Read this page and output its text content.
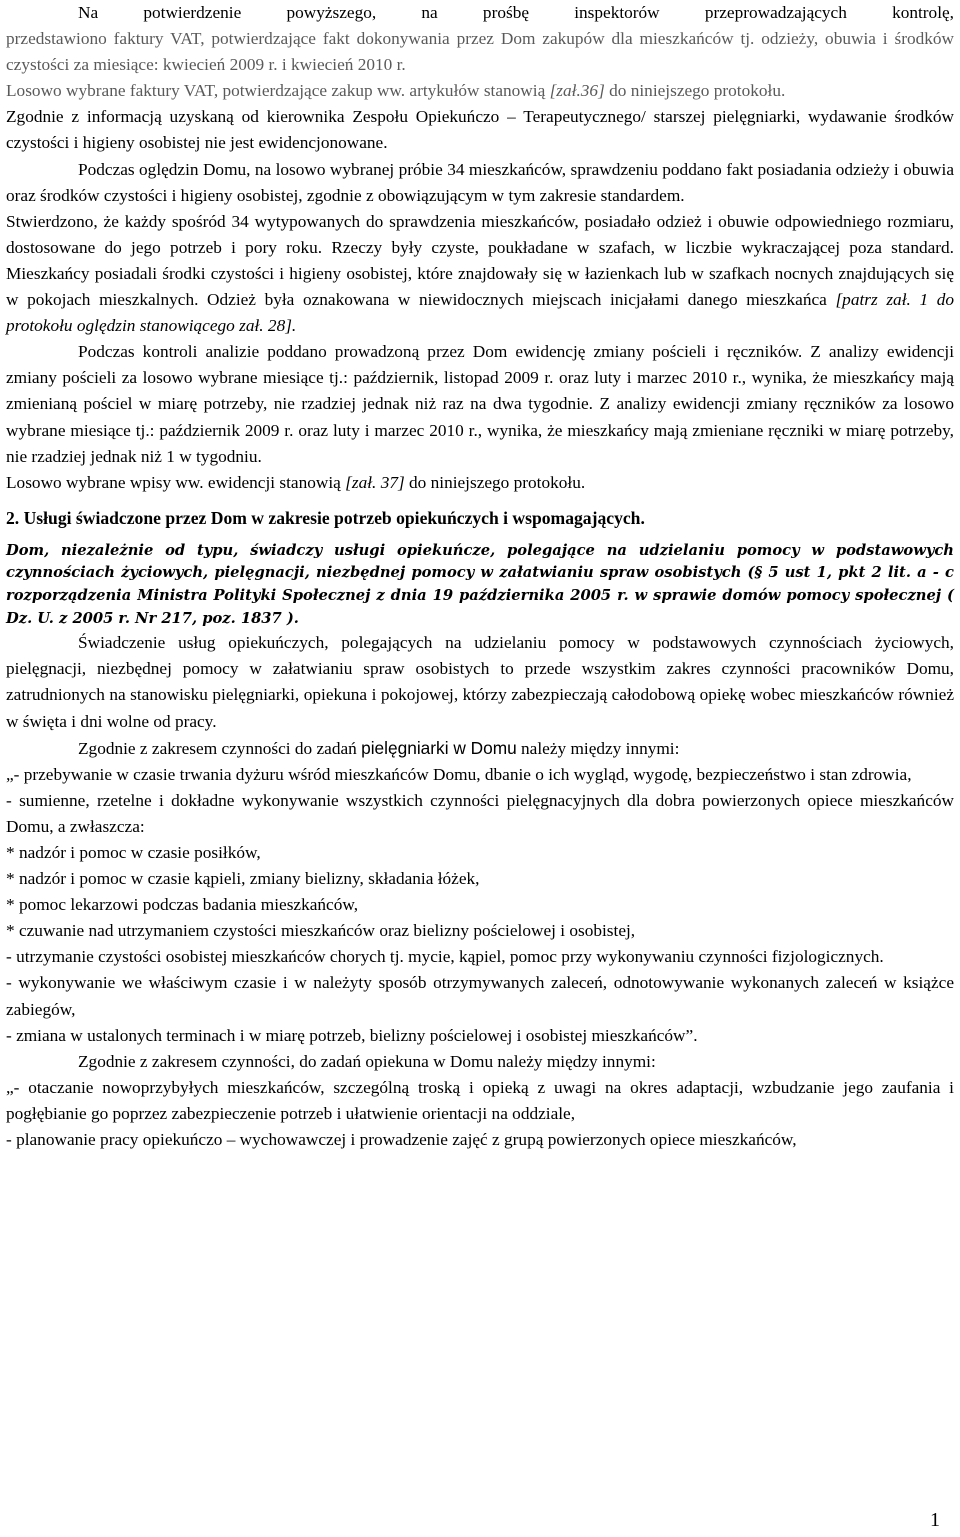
Na potwierdzenie powyższego, na prośbę inspektorów przeprowadzających kontrolę,

przedstawiono faktury VAT, potwierdzające fakt dokonywania przez Dom zakupów dla mieszkańców tj. odzieży, obuwia i środków czystości za miesiące: kwiecień 2009 r. i kwiecień 2010 r.

Losowo wybrane faktury VAT, potwierdzające zakup ww. artykułów stanowią [zał.36] do niniejszego protokołu.

Zgodnie z informacją uzyskaną od kierownika Zespołu Opiekuńczo – Terapeutycznego/ starszej pielęgniarki, wydawanie środków czystości i higieny osobistej nie jest ewidencjonowane.

Podczas oględzin Domu, na losowo wybranej próbie 34 mieszkańców, sprawdzeniu poddano fakt posiadania odzieży i obuwia oraz środków czystości i higieny osobistej, zgodnie z obowiązującym w tym zakresie standardem.

Stwierdzono, że każdy spośród 34 wytypowanych do sprawdzenia mieszkańców, posiadało odzież i obuwie odpowiedniego rozmiaru, dostosowane do jego potrzeb i pory roku. Rzeczy były czyste, poukładane w szafach, w liczbie wykraczającej poza standard. Mieszkańcy posiadali środki czystości i higieny osobistej, które znajdowały się w łazienkach lub w szafkach nocnych znajdujących się w pokojach mieszkalnych. Odzież była oznakowana w niewidocznych miejscach inicjałami danego mieszkańca [patrz zał. 1 do protokołu oględzin stanowiącego zał. 28].

Podczas kontroli analizie poddano prowadzoną przez Dom ewidencję zmiany pościeli i ręczników. Z analizy ewidencji zmiany pościeli za losowo wybrane miesiące tj.: październik, listopad 2009 r. oraz luty i marzec 2010 r., wynika, że mieszkańcy mają zmienianą pościel w miarę potrzeby, nie rzadziej jednak niż raz na dwa tygodnie. Z analizy ewidencji zmiany ręczników za losowo wybrane miesiące tj.: październik 2009 r. oraz luty i marzec 2010 r., wynika, że mieszkańcy mają zmieniane ręczniki w miarę potrzeby, nie rzadziej jednak niż 1 w tygodniu.

Losowo wybrane wpisy ww. ewidencji stanowią [zał. 37] do niniejszego protokołu.

2. Usługi świadczone przez Dom w zakresie potrzeb opiekuńczych i wspomagających.

Dom, niezależnie od typu, świadczy usługi opiekuńcze, polegające na udzielaniu pomocy w podstawowych czynnościach życiowych, pielęgnacji, niezbędnej pomocy w załatwianiu spraw osobistych (§ 5 ust 1, pkt 2 lit. a - c rozporządzenia Ministra Polityki Społecznej z dnia 19 października 2005 r. w sprawie domów pomocy społecznej ( Dz. U. z 2005 r. Nr 217, poz. 1837 ).

Świadczenie usług opiekuńczych, polegających na udzielaniu pomocy w podstawowych czynnościach życiowych, pielęgnacji, niezbędnej pomocy w załatwianiu spraw osobistych to przede wszystkim zakres czynności pracowników Domu, zatrudnionych na stanowisku pielęgniarki, opiekuna i pokojowej, którzy zabezpieczają całodobową opiekę wobec mieszkańców również w święta i dni wolne od pracy.

Zgodnie z zakresem czynności do zadań pielęgniarki w Domu należy między innymi:

„- przebywanie w czasie trwania dyżuru wśród mieszkańców Domu, dbanie o ich wygląd, wygodę, bezpieczeństwo i stan zdrowia,

- sumienne, rzetelne i dokładne wykonywanie wszystkich czynności pielęgnacyjnych dla dobra powierzonych opiece mieszkańców Domu, a zwłaszcza:

* nadzór i pomoc w czasie posiłków,

* nadzór i pomoc w czasie kąpieli, zmiany bielizny, składania łóżek,

* pomoc lekarzowi podczas badania mieszkańców,

* czuwanie nad utrzymaniem czystości mieszkańców oraz bielizny pościelowej i osobistej,

- utrzymanie czystości osobistej mieszkańców chorych tj. mycie, kąpiel, pomoc przy wykonywaniu czynności fizjologicznych.

- wykonywanie we właściwym czasie i w należyty sposób otrzymywanych zaleceń, odnotowywanie wykonanych zaleceń w książce zabiegów,

- zmiana w ustalonych terminach i w miarę potrzeb, bielizny pościelowej i osobistej mieszkańców”.

Zgodnie z zakresem czynności, do zadań opiekuna w Domu należy między innymi:

„- otaczanie nowoprzybyłych mieszkańców, szczególną troską i opieką z uwagi na okres adaptacji, wzbudzanie jego zaufania i pogłębianie go poprzez zabezpieczenie potrzeb i ułatwienie orientacji na oddziale,

- planowanie pracy opiekuńczo – wychowawczej i prowadzenie zajęć z grupą powierzonych opiece mieszkańców,

1
